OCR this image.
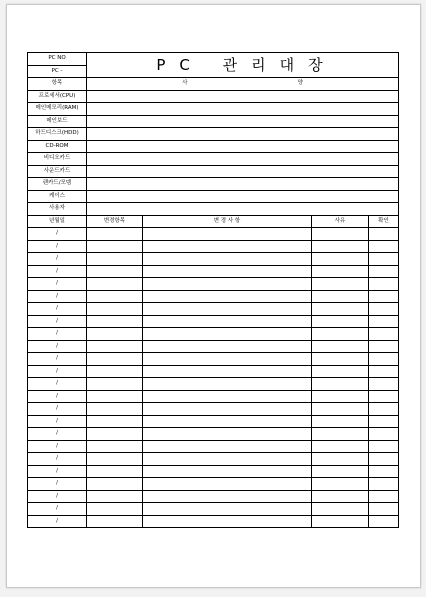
PC NO	PC 관리대장			
PC -				
항목	사 양			

프로세서(CPU)				
메인메모리(RAM)				
메인보드				
하드디스크(HDD)				
CD-ROM				
비디오카드				
사운드카드				
랜카드/모뎀				
케이스				
사용자				
년월일	변경항목	변 경 사 항	사유	확인
/				
/				
/				
/				
/				
/				
/				
/				
/				
/				
/				
/				
/				
/				
/				
/				
/				
/				
/				
/				
/				
/				
/				
/				
